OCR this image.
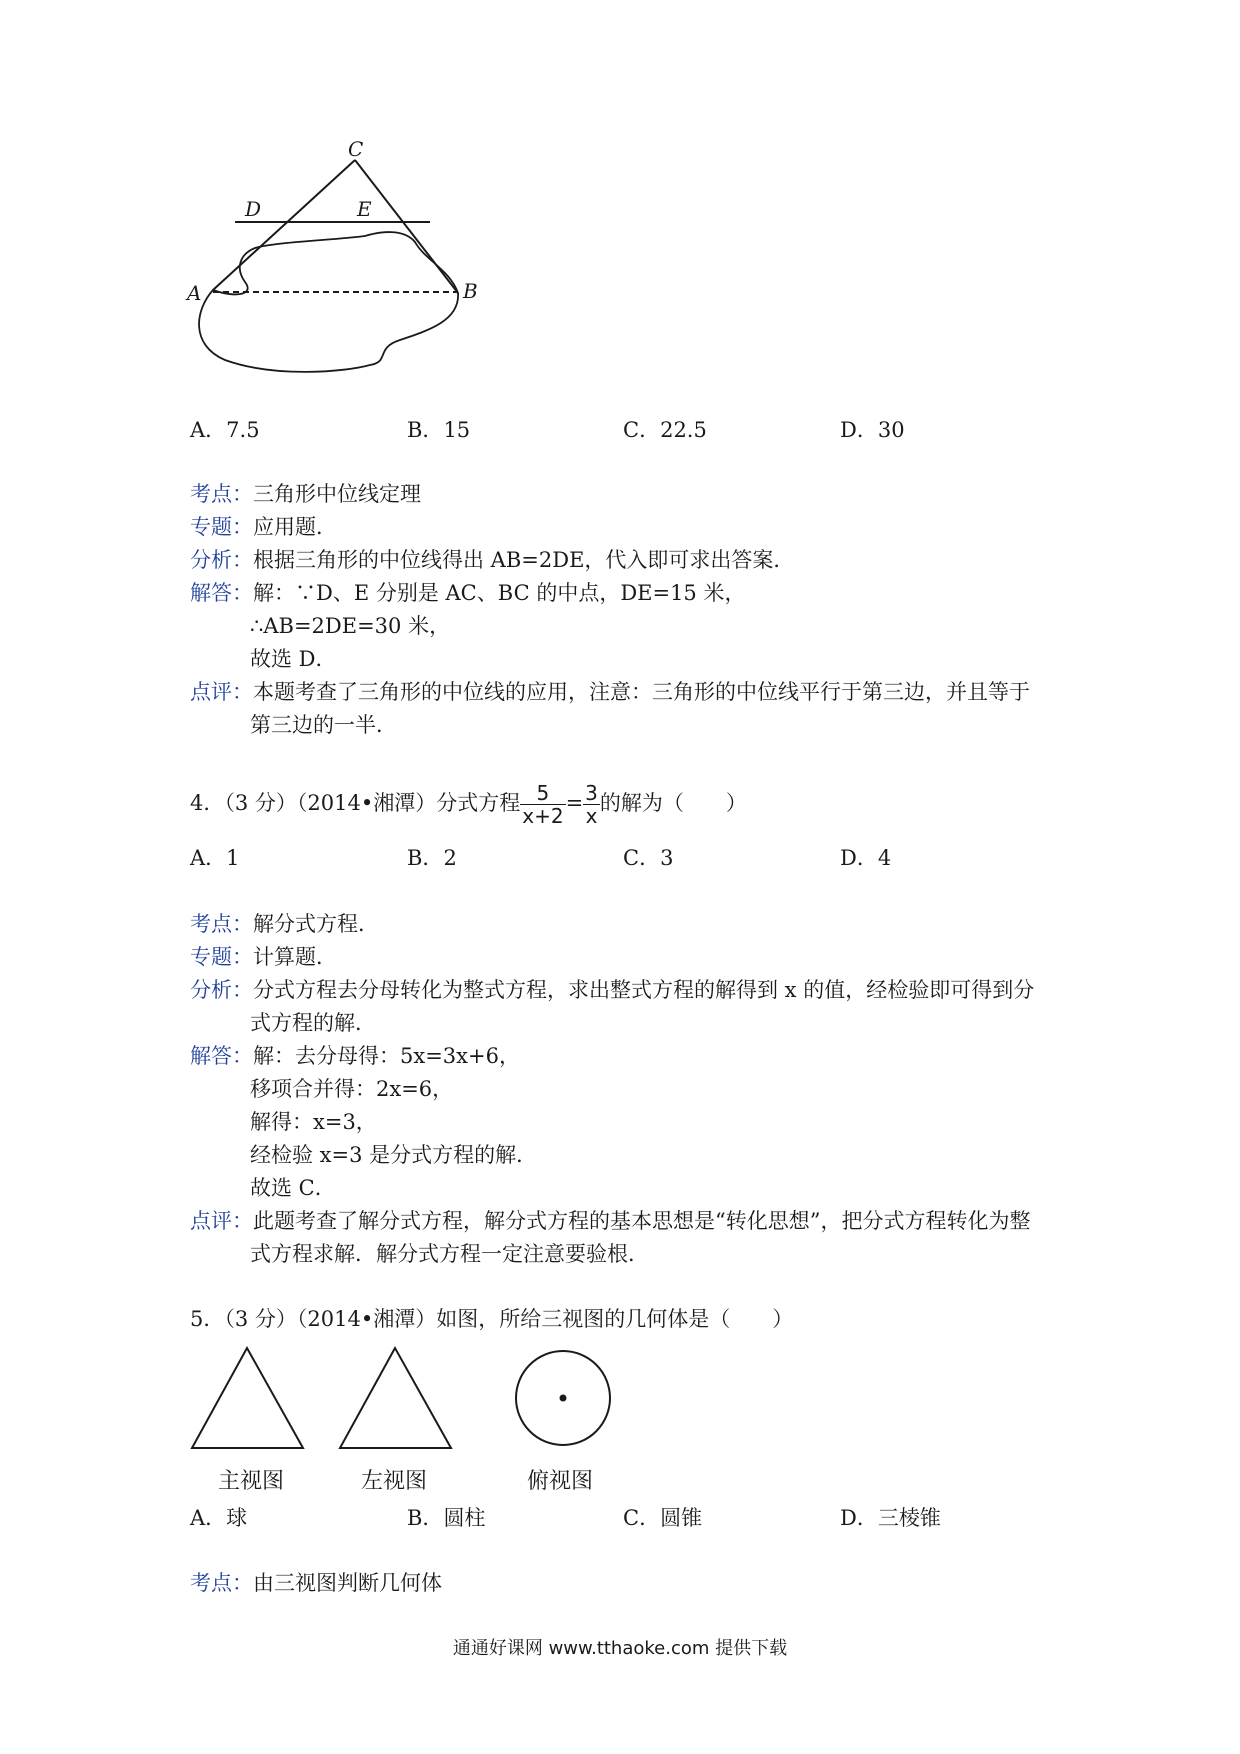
C
D	E
A	B
A．7.5	B．15	C．22.5	D．30
考点：三角形中位线定理
专题：应用题．
分析：根据三角形的中位线得出 AB=2DE，代入即可求出答案．
解答：解：∵D、E 分别是 AC、BC 的中点，DE=15 米，
∴AB=2DE=30 米，
故选 D．
点评：本题考查了三角形的中位线的应用，注意：三角形的中位线平行于第三边，并且等于
第三边的一半．
4．（3 分）（2014•湘潭）分式方程 $\frac{5}{x+2} = \frac{3}{x}$ 的解为（　　）
A．1	B．2	C．3	D．4
考点：解分式方程．
专题：计算题．
分析：分式方程去分母转化为整式方程，求出整式方程的解得到 x 的值，经检验即可得到分
式方程的解．
解答：解：去分母得：5x=3x+6，
移项合并得：2x=6，
解得：x=3，
经检验 x=3 是分式方程的解．
故选 C．
点评：此题考查了解分式方程，解分式方程的基本思想是“转化思想”，把分式方程转化为整
式方程求解．解分式方程一定注意要验根．
5．（3 分）（2014•湘潭）如图，所给三视图的几何体是（　　）
主视图	左视图	俯视图
A．球	B．圆柱	C．圆锥	D．三棱锥
考点：由三视图判断几何体
通通好课网 www.tthaoke.com 提供下载
